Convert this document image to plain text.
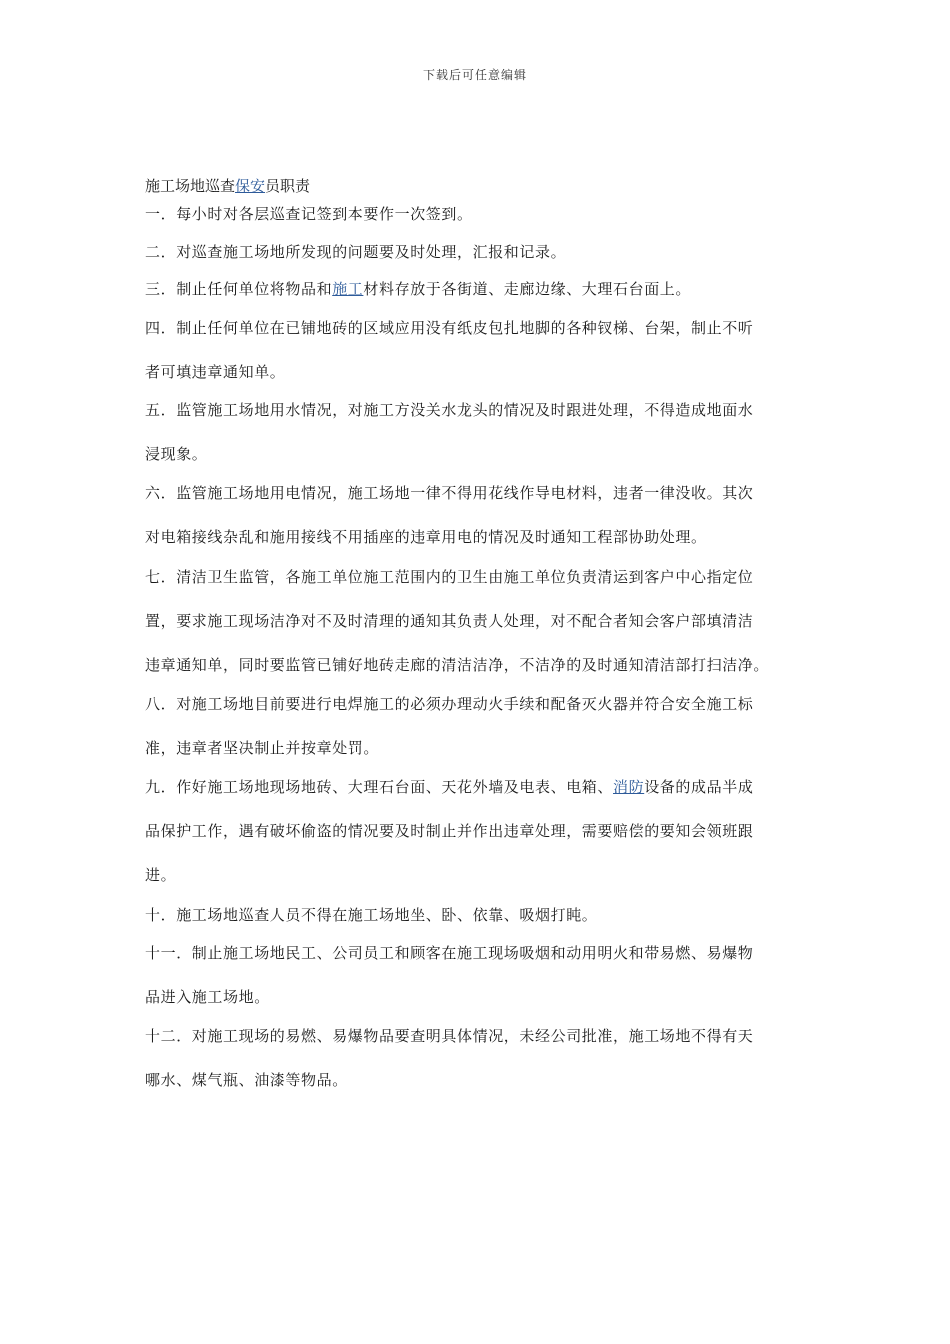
下载后可任意编辑
施工场地巡查保安员职责
一．每小时对各层巡查记签到本要作一次签到。
二．对巡查施工场地所发现的问题要及时处理，汇报和记录。
三．制止任何单位将物品和施工材料存放于各街道、走廊边缘、大理石台面上。
四．制止任何单位在已铺地砖的区域应用没有纸皮包扎地脚的各种钗梯、台架，制止不听
者可填违章通知单。
五．监管施工场地用水情况，对施工方没关水龙头的情况及时跟进处理，不得造成地面水
浸现象。
六．监管施工场地用电情况，施工场地一律不得用花线作导电材料，违者一律没收。其次
对电箱接线杂乱和施用接线不用插座的违章用电的情况及时通知工程部协助处理。
七．清洁卫生监管，各施工单位施工范围内的卫生由施工单位负责清运到客户中心指定位
置，要求施工现场洁净对不及时清理的通知其负责人处理，对不配合者知会客户部填清洁
违章通知单，同时要监管已铺好地砖走廊的清洁洁净，不洁净的及时通知清洁部打扫洁净。
八．对施工场地目前要进行电焊施工的必须办理动火手续和配备灭火器并符合安全施工标
准，违章者坚决制止并按章处罚。
九．作好施工场地现场地砖、大理石台面、天花外墙及电表、电箱、消防设备的成品半成
品保护工作，遇有破坏偷盗的情况要及时制止并作出违章处理，需要赔偿的要知会领班跟
进。
十．施工场地巡查人员不得在施工场地坐、卧、依靠、吸烟打盹。
十一．制止施工场地民工、公司员工和顾客在施工现场吸烟和动用明火和带易燃、易爆物
品进入施工场地。
十二．对施工现场的易燃、易爆物品要查明具体情况，未经公司批准，施工场地不得有天
哪水、煤气瓶、油漆等物品。
